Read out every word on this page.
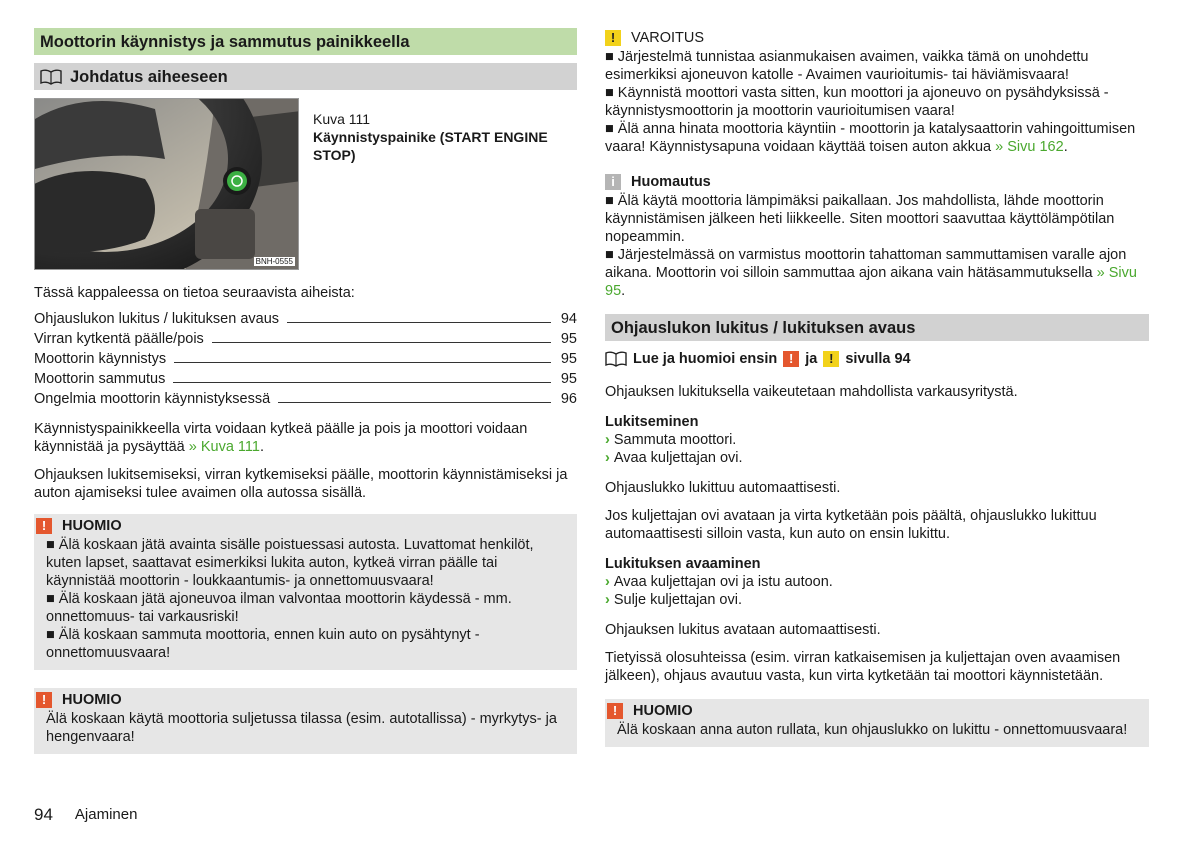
Moottorin käynnistys ja sammutus painikkeella
Johdatus aiheeseen
BNH-0555
Kuva 111
Käynnistyspainike (START ENGINE STOP)

Tässä kappaleessa on tietoa seuraavista aiheista:

Ohjauslukon lukitus / lukituksen avaus	94
Virran kytkentä päälle/pois	95
Moottorin käynnistys	95
Moottorin sammutus	95
Ongelmia moottorin käynnistyksessä	96

Käynnistyspainikkeella virta voidaan kytkeä päälle ja pois ja moottori voidaan käynnistää ja pysäyttää » Kuva 111.

Ohjauksen lukitsemiseksi, virran kytkemiseksi päälle, moottorin käynnistämiseksi ja auton ajamiseksi tulee avaimen olla autossa sisällä.

!	HUOMIO

■ Älä koskaan jätä avainta sisälle poistuessasi autosta. Luvattomat henkilöt, kuten lapset, saattavat esimerkiksi lukita auton, kytkeä virran päälle tai käynnistää moottorin - loukkaantumis- ja onnettomuusvaara!

■ Älä koskaan jätä ajoneuvoa ilman valvontaa moottorin käydessä - mm. onnettomuus- tai varkausriski!

■ Älä koskaan sammuta moottoria, ennen kuin auto on pysähtynyt - onnettomuusvaara!

!	HUOMIO

Älä koskaan käytä moottoria suljetussa tilassa (esim. autotallissa) - myrkytys- ja hengenvaara!

!	VAROITUS

■ Järjestelmä tunnistaa asianmukaisen avaimen, vaikka tämä on unohdettu esimerkiksi ajoneuvon katolle - Avaimen vaurioitumis- tai häviämisvaara!

■ Käynnistä moottori vasta sitten, kun moottori ja ajoneuvo on pysähdyksissä - käynnistysmoottorin ja moottorin vaurioitumisen vaara!

■ Älä anna hinata moottoria käyntiin - moottorin ja katalysaattorin vahingoittumisen vaara! Käynnistysapuna voidaan käyttää toisen auton akkua » Sivu 162.

i	Huomautus

■ Älä käytä moottoria lämpimäksi paikallaan. Jos mahdollista, lähde moottorin käynnistämisen jälkeen heti liikkeelle. Siten moottori saavuttaa käyttölämpötilan nopeammin.

■ Järjestelmässä on varmistus moottorin tahattoman sammuttamisen varalle ajon aikana. Moottorin voi silloin sammuttaa ajon aikana vain hätäsammutuksella » Sivu 95.

Ohjauslukon lukitus / lukituksen avaus
Lue ja huomioi ensin ! ja ! sivulla 94

Ohjauksen lukituksella vaikeutetaan mahdollista varkausyritystä.

Lukitseminen
› Sammuta moottori.
› Avaa kuljettajan ovi.

Ohjauslukko lukittuu automaattisesti.

Jos kuljettajan ovi avataan ja virta kytketään pois päältä, ohjauslukko lukittuu automaattisesti silloin vasta, kun auto on ensin lukittu.

Lukituksen avaaminen
› Avaa kuljettajan ovi ja istu autoon.
› Sulje kuljettajan ovi.

Ohjauksen lukitus avataan automaattisesti.

Tietyissä olosuhteissa (esim. virran katkaisemisen ja kuljettajan oven avaamisen jälkeen), ohjaus avautuu vasta, kun virta kytketään tai moottori käynnistetään.

!	HUOMIO

Älä koskaan anna auton rullata, kun ohjauslukko on lukittu - onnettomuusvaara!

94 Ajaminen
